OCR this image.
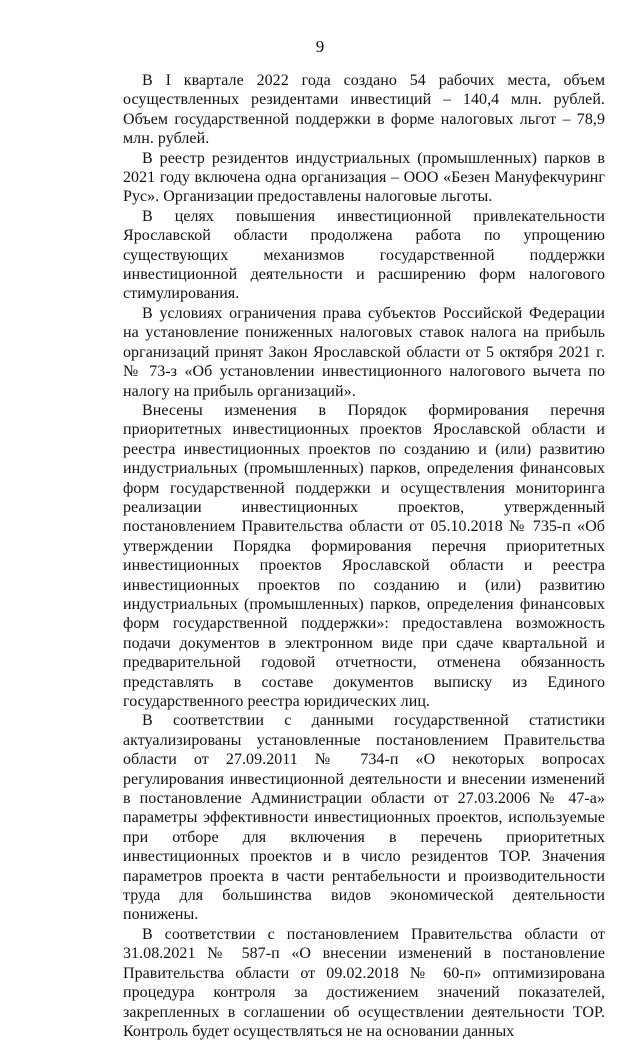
9

В I квартале 2022 года создано 54 рабочих места, объем осуществленных резидентами инвестиций – 140,4 млн. рублей. Объем государственной поддержки в форме налоговых льгот – 78,9 млн. рублей.

В реестр резидентов индустриальных (промышленных) парков в 2021 году включена одна организация – ООО «Безен Мануфекчуринг Рус». Организации предоставлены налоговые льготы.

В целях повышения инвестиционной привлекательности Ярославской области продолжена работа по упрощению существующих механизмов государственной поддержки инвестиционной деятельности и расширению форм налогового стимулирования.

В условиях ограничения права субъектов Российской Федерации на установление пониженных налоговых ставок налога на прибыль организаций принят Закон Ярославской области от 5 октября 2021 г. № 73-з «Об установлении инвестиционного налогового вычета по налогу на прибыль организаций».

Внесены изменения в Порядок формирования перечня приоритетных инвестиционных проектов Ярославской области и реестра инвестиционных проектов по созданию и (или) развитию индустриальных (промышленных) парков, определения финансовых форм государственной поддержки и осуществления мониторинга реализации инвестиционных проектов, утвержденный постановлением Правительства области от 05.10.2018 № 735-п «Об утверждении Порядка формирования перечня приоритетных инвестиционных проектов Ярославской области и реестра инвестиционных проектов по созданию и (или) развитию индустриальных (промышленных) парков, определения финансовых форм государственной поддержки»: предоставлена возможность подачи документов в электронном виде при сдаче квартальной и предварительной годовой отчетности, отменена обязанность представлять в составе документов выписку из Единого государственного реестра юридических лиц.

В соответствии с данными государственной статистики актуализированы установленные постановлением Правительства области от 27.09.2011 № 734-п «О некоторых вопросах регулирования инвестиционной деятельности и внесении изменений в постановление Администрации области от 27.03.2006 № 47-а» параметры эффективности инвестиционных проектов, используемые при отборе для включения в перечень приоритетных инвестиционных проектов и в число резидентов ТОР. Значения параметров проекта в части рентабельности и производительности труда для большинства видов экономической деятельности понижены.

В соответствии с постановлением Правительства области от 31.08.2021 № 587-п «О внесении изменений в постановление Правительства области от 09.02.2018 № 60-п» оптимизирована процедура контроля за достижением значений показателей, закрепленных в соглашении об осуществлении деятельности ТОР. Контроль будет осуществляться не на основании данных
